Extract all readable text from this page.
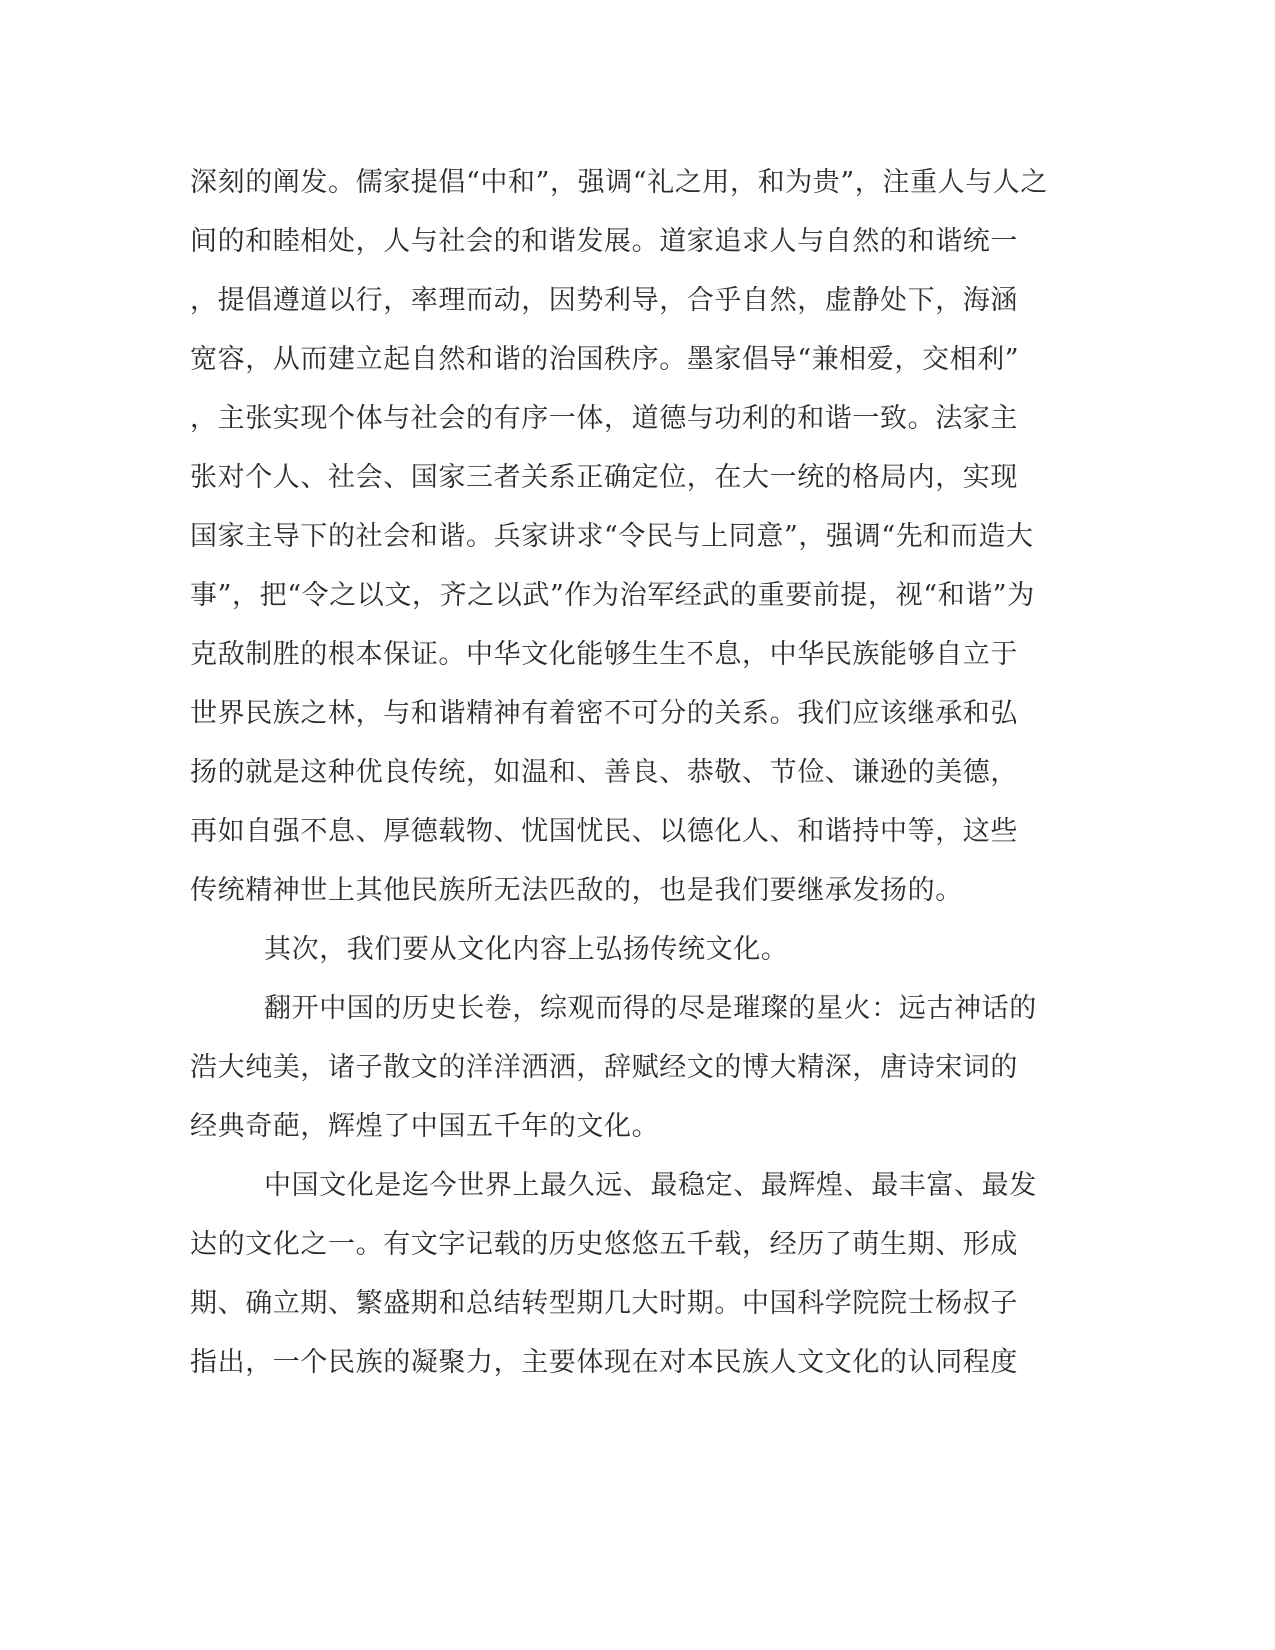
深刻的阐发。儒家提倡“中和”，强调“礼之用，和为贵”，注重人与人之
间的和睦相处，人与社会的和谐发展。道家追求人与自然的和谐统一
，提倡遵道以行，率理而动，因势利导，合乎自然，虚静处下，海涵
宽容，从而建立起自然和谐的治国秩序。墨家倡导“兼相爱，交相利”
，主张实现个体与社会的有序一体，道德与功利的和谐一致。法家主
张对个人、社会、国家三者关系正确定位，在大一统的格局内，实现
国家主导下的社会和谐。兵家讲求“令民与上同意”，强调“先和而造大
事”，把“令之以文，齐之以武”作为治军经武的重要前提，视“和谐”为
克敌制胜的根本保证。中华文化能够生生不息，中华民族能够自立于
世界民族之林，与和谐精神有着密不可分的关系。我们应该继承和弘
扬的就是这种优良传统，如温和、善良、恭敬、节俭、谦逊的美德，
再如自强不息、厚德载物、忧国忧民、以德化人、和谐持中等，这些
传统精神世上其他民族所无法匹敌的，也是我们要继承发扬的。
其次，我们要从文化内容上弘扬传统文化。
翻开中国的历史长卷，综观而得的尽是璀璨的星火：远古神话的
浩大纯美，诸子散文的洋洋洒洒，辞赋经文的博大精深，唐诗宋词的
经典奇葩，辉煌了中国五千年的文化。
中国文化是迄今世界上最久远、最稳定、最辉煌、最丰富、最发
达的文化之一。有文字记载的历史悠悠五千载，经历了萌生期、形成
期、确立期、繁盛期和总结转型期几大时期。中国科学院院士杨叔子
指出，一个民族的凝聚力，主要体现在对本民族人文文化的认同程度
